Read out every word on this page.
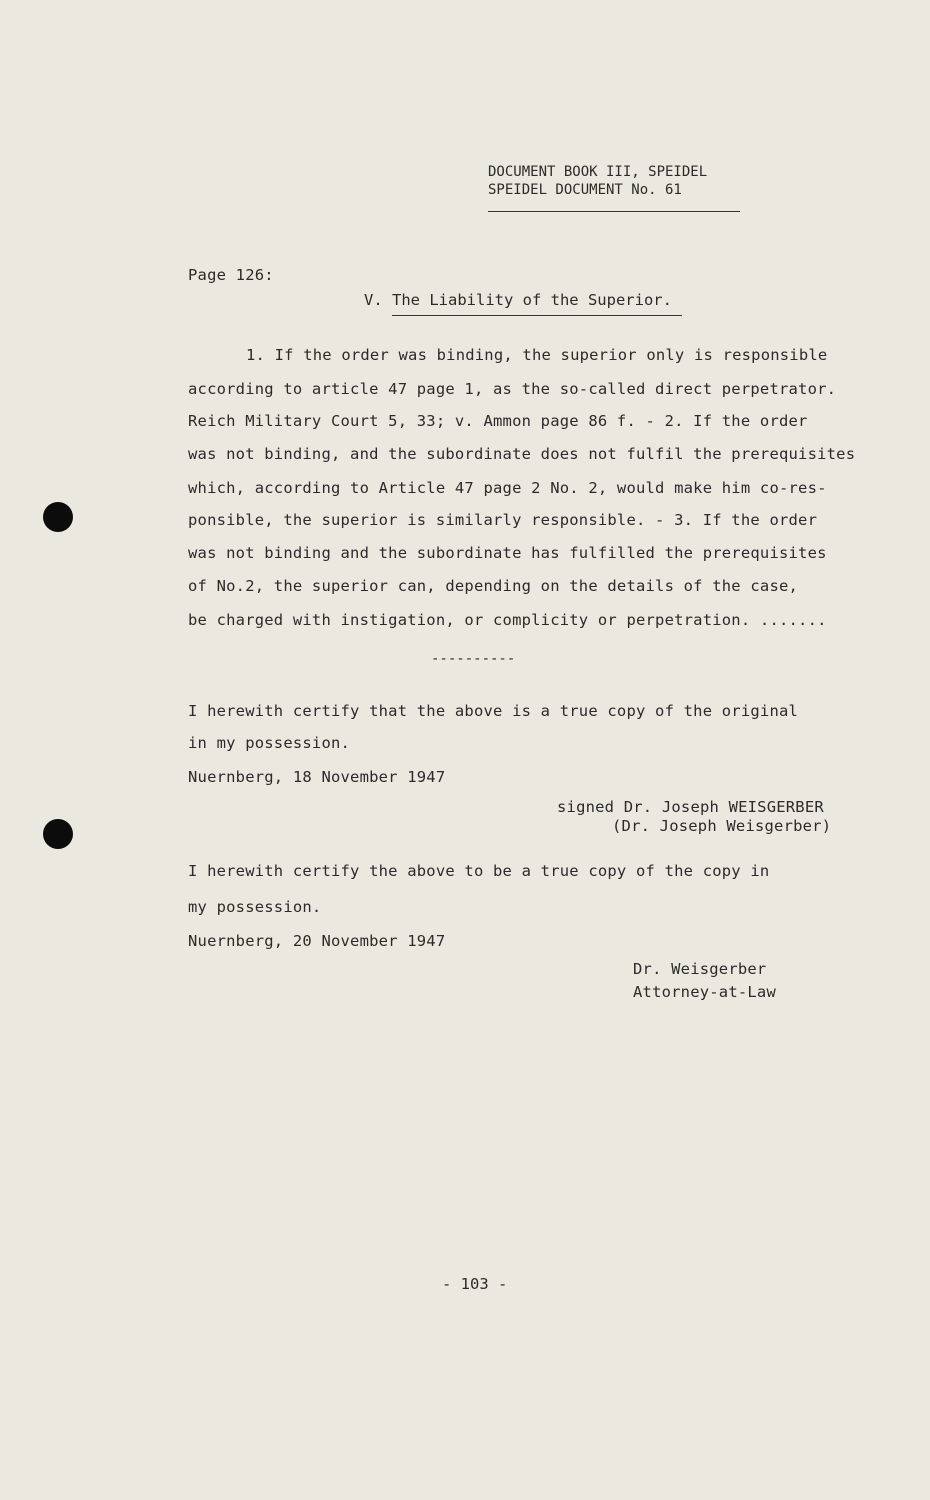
DOCUMENT BOOK III, SPEIDEL
SPEIDEL DOCUMENT No. 61
Page 126:
V. The Liability of the Superior.
1. If the order was binding, the superior only is responsible
according to article 47 page 1, as the so-called direct perpetrator.
Reich Military Court 5, 33; v. Ammon page 86 f. - 2. If the order
was not binding, and the subordinate does not fulfil the prerequisites
which, according to Article 47 page 2 No. 2, would make him co-res-
ponsible, the superior is similarly responsible. - 3. If the order
was not binding and the subordinate has fulfilled the prerequisites
of No.2, the superior can, depending on the details of the case,
be charged with instigation, or complicity or perpetration. .......
----------
I herewith certify that the above is a true copy of the original
in my possession.
Nuernberg, 18 November 1947
signed Dr. Joseph WEISGERBER
(Dr. Joseph Weisgerber)
I herewith certify the above to be a true copy of the copy in
my possession.
Nuernberg, 20 November 1947
Dr. Weisgerber
Attorney-at-Law
- 103 -
